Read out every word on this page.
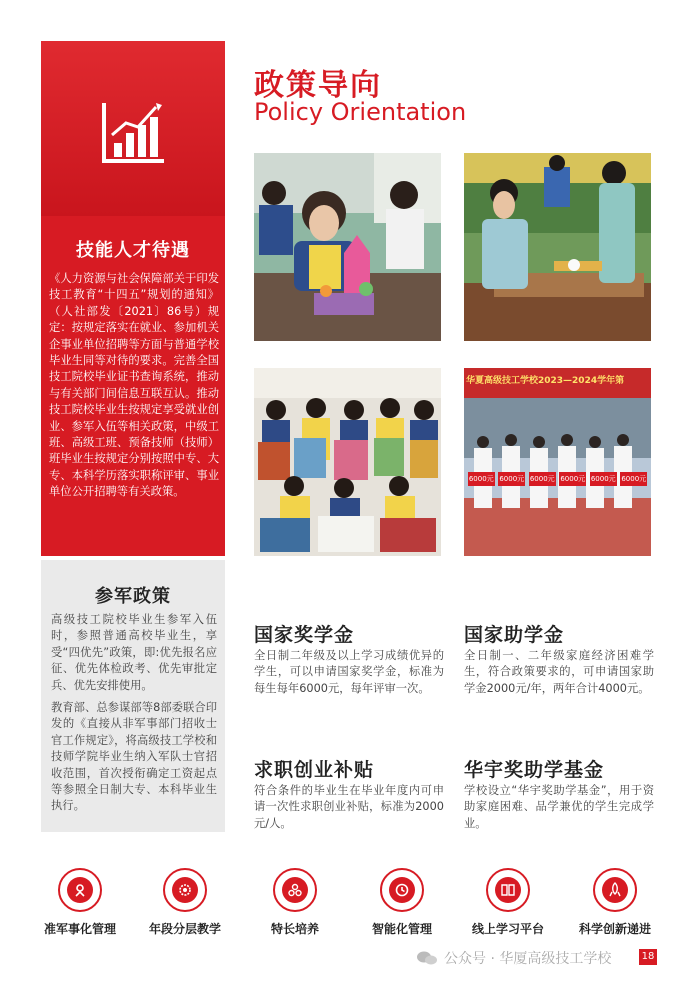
技能人才待遇
《人力资源与社会保障部关于印发技工教育“十四五”规划的通知》（人社部发〔2021〕86号）规定：按规定落实在就业、参加机关企事业单位招聘等方面与普通学校毕业生同等对待的要求。完善全国技工院校毕业证书查询系统，推动与有关部门间信息互联互认。推动技工院校毕业生按规定享受就业创业、参军入伍等相关政策，中级工班、高级工班、预备技师（技师）班毕业生按规定分别按照中专、大专、本科学历落实职称评审、事业单位公开招聘等有关政策。
参军政策
高级技工院校毕业生参军入伍时，参照普通高校毕业生，享受“四优先”政策，即:优先报名应征、优先体检政考、优先审批定兵、优先安排使用。
教育部、总参谋部等8部委联合印发的《直接从非军事部门招收士官工作规定》，将高级技工学校和技师学院毕业生纳入军队士官招收范围，首次授衔确定工资起点等参照全日制大专、本科毕业生执行。
政策导向
Policy Orientation
华夏高级技工学校2023—2024学年第
6000元 6000元 6000元 6000元 6000元 6000元
国家奖学金
全日制二年级及以上学习成绩优异的学生，可以申请国家奖学金，标准为每生每年6000元，每年评审一次。
国家助学金
全日制一、二年级家庭经济困难学生，符合政策要求的，可申请国家助学金2000元/年，两年合计4000元。
求职创业补贴
符合条件的毕业生在毕业年度内可申请一次性求职创业补贴，标准为2000元/人。
华宇奖助学基金
学校设立“华宇奖助学基金”，用于资助家庭困难、品学兼优的学生完成学业。
准军事化管理	年段分层教学	特长培养	智能化管理	线上学习平台	科学创新递进
公众号 · 华厦高级技工学校	18
